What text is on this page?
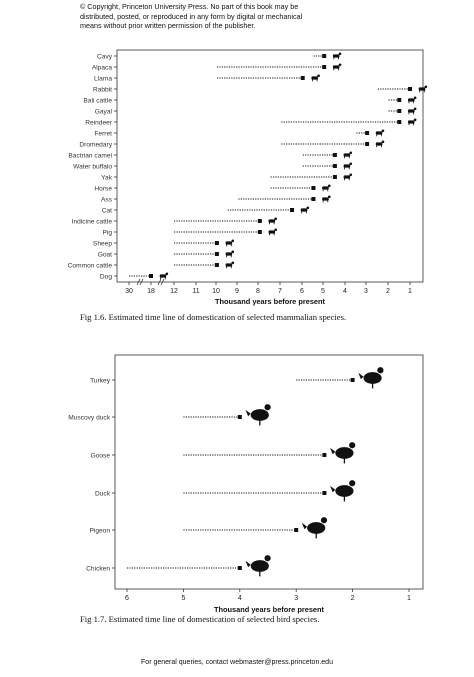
© Copyright, Princeton University Press. No part of this book may be
distributed, posted, or reproduced in any form by digital or mechanical
means without prior written permission of the publisher.
30 18 12 11 10 9 8	7	6 5	4 3	2	1
Thousand years before present
Cavy
Alpaca
Llama
Rabbit
Bali cattle
Gayal
Reindeer
Ferret
Dromedary
Bactrian camel
Water buffalo
Yak
Horse
Ass
Cat
Indicine cattle
Pig
Sheep
Goat
Common cattle
Dog
Fig 1.6. Estimated time line of domestication of selected mammalian species.
6	5	4	3	2	1
Thousand years before present
Turkey
Muscovy duck
Goose
Duck
Pigeon
Chicken
Fig 1.7. Estimated time line of domestication of selected bird species.
For general queries, contact webmaster@press.princeton.edu
